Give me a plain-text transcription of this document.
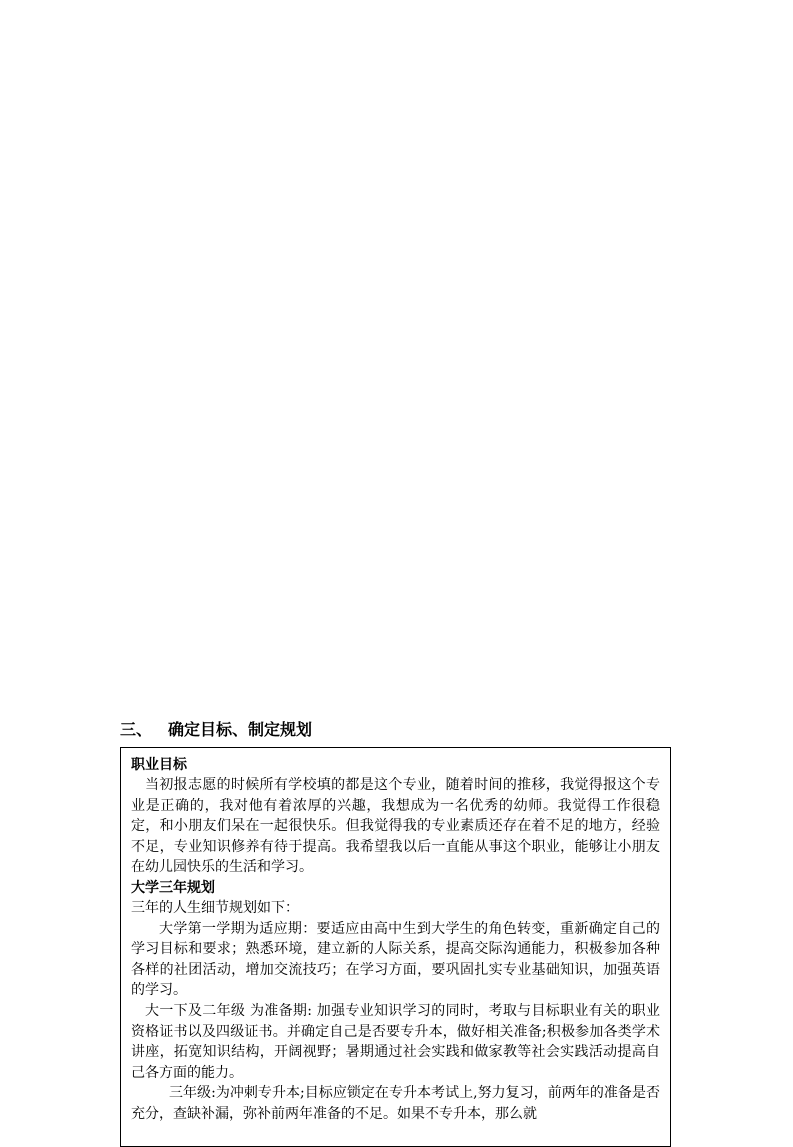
三、 确定目标、制定规划
职业目标

当初报志愿的时候所有学校填的都是这个专业，随着时间的推移，我觉得报这个专业是正确的，我对他有着浓厚的兴趣，我想成为一名优秀的幼师。我觉得工作很稳定，和小朋友们呆在一起很快乐。但我觉得我的专业素质还存在着不足的地方，经验不足，专业知识修养有待于提高。我希望我以后一直能从事这个职业，能够让小朋友在幼儿园快乐的生活和学习。

大学三年规划

三年的人生细节规划如下：

大学第一学期为适应期：要适应由高中生到大学生的角色转变，重新确定自己的学习目标和要求；熟悉环境，建立新的人际关系，提高交际沟通能力，积极参加各种各样的社团活动，增加交流技巧；在学习方面，要巩固扎实专业基础知识，加强英语的学习。

大一下及二年级 为准备期: 加强专业知识学习的同时，考取与目标职业有关的职业资格证书以及四级证书。并确定自己是否要专升本，做好相关准备;积极参加各类学术讲座，拓宽知识结构，开阔视野；暑期通过社会实践和做家教等社会实践活动提高自己各方面的能力。

三年级:为冲刺专升本;目标应锁定在专升本考试上,努力复习，前两年的准备是否充分，查缺补漏，弥补前两年准备的不足。如果不专升本，那么就
